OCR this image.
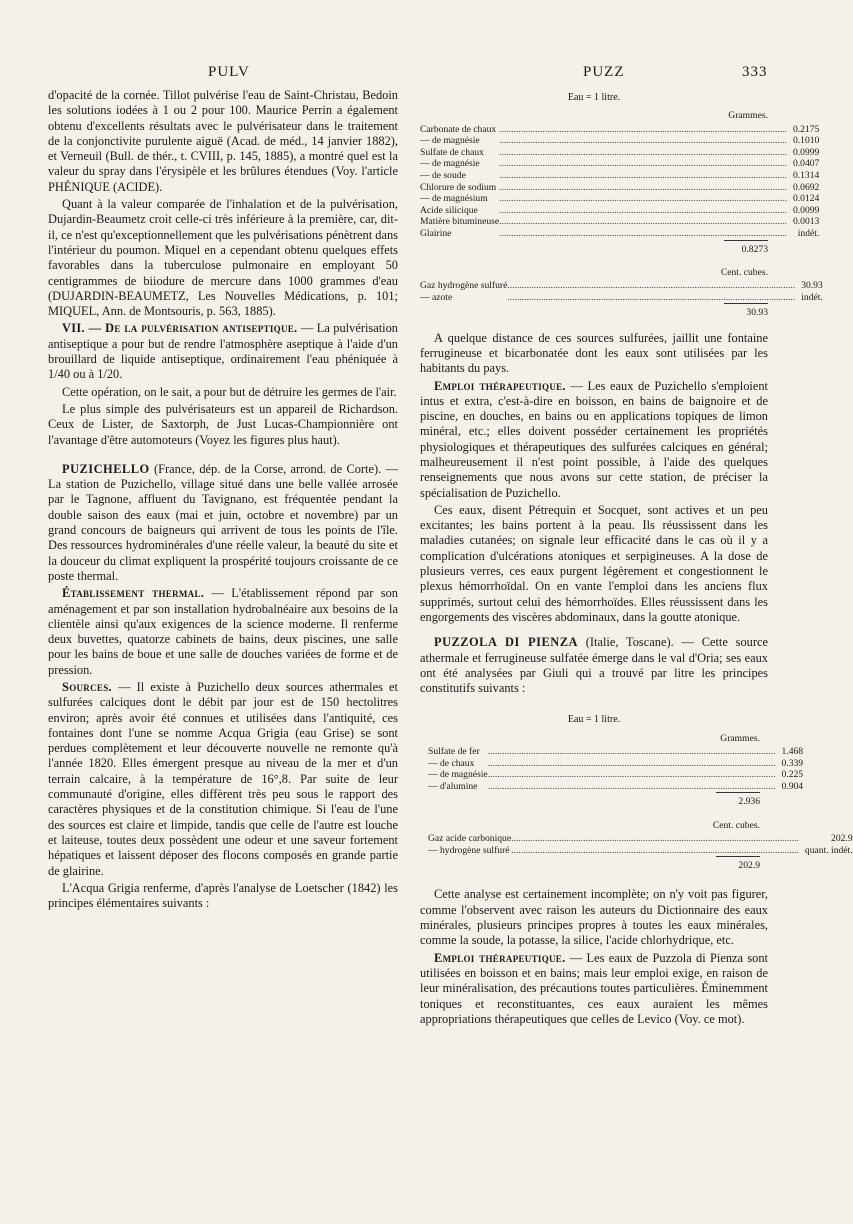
PULV	PUZZ	333

d'opacité de la cornée. Tillot pulvérise l'eau de Saint-Christau, Bedoin les solutions iodées à 1 ou 2 pour 100. Maurice Perrin a également obtenu d'excellents résultats avec le pulvérisateur dans le traitement de la conjonctivite purulente aiguë (Acad. de méd., 14 janvier 1882), et Verneuil (Bull. de thér., t. CVIII, p. 145, 1885), a montré quel est la valeur du spray dans l'érysipèle et les brûlures étendues (Voy. l'article PHÉNIQUE (ACIDE).

Quant à la valeur comparée de l'inhalation et de la pulvérisation, Dujardin-Beaumetz croit celle-ci très inférieure à la première, car, dit-il, ce n'est qu'exceptionnellement que les pulvérisations pénètrent dans l'intérieur du poumon. Miquel en a cependant obtenu quelques effets favorables dans la tuberculose pulmonaire en employant 50 centigrammes de biiodure de mercure dans 1000 grammes d'eau (DUJARDIN-BEAUMETZ, Les Nouvelles Médications, p. 101; MIQUEL, Ann. de Montsouris, p. 563, 1885).

VII. — De la pulvérisation antiseptique. — La pulvérisation antiseptique a pour but de rendre l'atmosphère aseptique à l'aide d'un brouillard de liquide antiseptique, ordinairement l'eau phéniquée à 1/40 ou à 1/20.

Cette opération, on le sait, a pour but de détruire les germes de l'air.

Le plus simple des pulvérisateurs est un appareil de Richardson. Ceux de Lister, de Saxtorph, de Just Lucas-Championnière ont l'avantage d'être automoteurs (Voyez les figures plus haut).

PUZICHELLO (France, dép. de la Corse, arrond. de Corte). — La station de Puzichello, village situé dans une belle vallée arrosée par le Tagnone, affluent du Tavignano, est fréquentée pendant la double saison des eaux (mai et juin, octobre et novembre) par un grand concours de baigneurs qui arrivent de tous les points de l'île. Des ressources hydrominérales d'une réelle valeur, la beauté du site et la douceur du climat expliquent la prospérité toujours croissante de ce poste thermal.

Établissement thermal. — L'établissement répond par son aménagement et par son installation hydrobalnéaire aux besoins de la clientèle ainsi qu'aux exigences de la science moderne. Il renferme deux buvettes, quatorze cabinets de bains, deux piscines, une salle pour les bains de boue et une salle de douches variées de forme et de pression.

Sources. — Il existe à Puzichello deux sources athermales et sulfurées calciques dont le débit par jour est de 150 hectolitres environ; après avoir été connues et utilisées dans l'antiquité, ces fontaines dont l'une se nomme Acqua Grigia (eau Grise) se sont perdues complètement et leur découverte nouvelle ne remonte qu'à l'année 1820. Elles émergent presque au niveau de la mer et d'un terrain calcaire, à la température de 16°,8. Par suite de leur communauté d'origine, elles diffèrent très peu sous le rapport des caractères physiques et de la constitution chimique. Si l'eau de l'une des sources est claire et limpide, tandis que celle de l'autre est louche et laiteuse, toutes deux possèdent une odeur et une saveur fortement hépatiques et laissent déposer des flocons composés en grande partie de glairine.

L'Acqua Grigia renferme, d'après l'analyse de Loetscher (1842) les principes élémentaires suivants :

Eau = 1 litre.
Grammes.
Carbonate de chaux	.....	0.2175
— de magnésie	.....	0.1010
Sulfate de chaux	.....	0.0999
— de magnésie	.....	0.0407
— de soude	.....	0.1314
Chlorure de sodium	.....	0.0692
— de magnésium	.....	0.0124
Acide silicique	.....	0.0099
Matière bitumineuse	.....	0.0013
Glairine	.....	indét.
0.8273
Cent. cubes.
Gaz hydrogène sulfuré	.....	30.93
— azote	.....	indét.
30.93

A quelque distance de ces sources sulfurées, jaillit une fontaine ferrugineuse et bicarbonatée dont les eaux sont utilisées par les habitants du pays.

Emploi thérapeutique. — Les eaux de Puzichello s'emploient intus et extra, c'est-à-dire en boisson, en bains de baignoire et de piscine, en douches, en bains ou en applications topiques de limon minéral, etc.; elles doivent posséder certainement les propriétés physiologiques et thérapeutiques des sulfurées calciques en général; malheureusement il n'est point possible, à l'aide des quelques renseignements que nous avons sur cette station, de préciser la spécialisation de Puzichello.

Ces eaux, disent Pétrequin et Socquet, sont actives et un peu excitantes; les bains portent à la peau. Ils réussissent dans les maladies cutanées; on signale leur efficacité dans le cas où il y a complication d'ulcérations atoniques et serpigineuses. A la dose de plusieurs verres, ces eaux purgent légèrement et congestionnent le plexus hémorrhoïdal. On en vante l'emploi dans les anciens flux supprimés, surtout celui des hémorrhoïdes. Elles réussissent dans les engorgements des viscères abdominaux, dans la goutte atonique.

PUZZOLA DI PIENZA (Italie, Toscane). — Cette source athermale et ferrugineuse sulfatée émerge dans le val d'Oria; ses eaux ont été analysées par Giuli qui a trouvé par litre les principes constitutifs suivants :

Eau = 1 litre.
Grammes.
Sulfate de fer	.....	1.468
— de chaux	.....	0.339
— de magnésie	.....	0.225
— d'alumine	.....	0.904
2.936
Cent. cubes.
Gaz acide carbonique	.....	202.9
— hydrogène sulfuré	.....	quant. indét.
202.9

Cette analyse est certainement incomplète; on n'y voit pas figurer, comme l'observent avec raison les auteurs du Dictionnaire des eaux minérales, plusieurs principes propres à toutes les eaux minérales, comme la soude, la potasse, la silice, l'acide chlorhydrique, etc.

Emploi thérapeutique. — Les eaux de Puzzola di Pienza sont utilisées en boisson et en bains; mais leur emploi exige, en raison de leur minéralisation, des précautions toutes particulières. Éminemment toniques et reconstituantes, ces eaux auraient les mêmes appropriations thérapeutiques que celles de Levico (Voy. ce mot).
